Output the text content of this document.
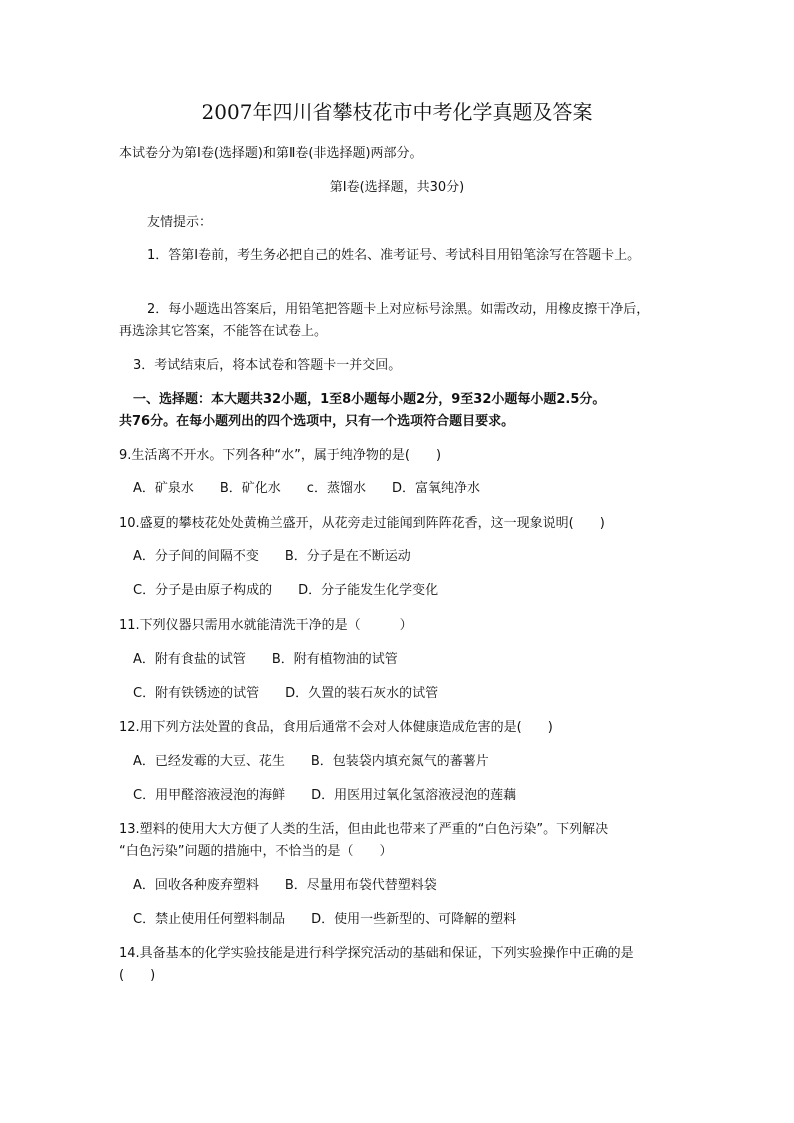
2007年四川省攀枝花市中考化学真题及答案
本试卷分为第Ⅰ卷(选择题)和第Ⅱ卷(非选择题)两部分。
第Ⅰ卷(选择题，共30分)
友情提示：
1．答第Ⅰ卷前，考生务必把自己的姓名、准考证号、考试科目用铅笔涂写在答题卡上。
2．每小题选出答案后，用铅笔把答题卡上对应标号涂黑。如需改动，用橡皮擦干净后，
再选涂其它答案，不能答在试卷上。
3．考试结束后，将本试卷和答题卡一并交回。
一、选择题：本大题共32小题，1至8小题每小题2分，9至32小题每小题2.5分。
共76分。在每小题列出的四个选项中，只有一个选项符合题目要求。
9.生活离不开水。下列各种“水”，属于纯净物的是(　　)
A．矿泉水　　B．矿化水　　c．蒸馏水　　D．富氧纯净水
10.盛夏的攀枝花处处黄桷兰盛开，从花旁走过能闻到阵阵花香，这一现象说明(　　)
A．分子间的间隔不变　　B．分子是在不断运动
C．分子是由原子构成的　　D．分子能发生化学变化
11.下列仪器只需用水就能清洗干净的是（　　　）
A．附有食盐的试管　　B．附有植物油的试管
C．附有铁锈迹的试管　　D．久置的装石灰水的试管
12.用下列方法处置的食品，食用后通常不会对人体健康造成危害的是(　　)
A．已经发霉的大豆、花生　　B．包装袋内填充氮气的蕃薯片
C．用甲醛溶液浸泡的海鲜　　D．用医用过氧化氢溶液浸泡的莲藕
13.塑料的使用大大方便了人类的生活，但由此也带来了严重的“白色污染”。下列解决
“白色污染”问题的措施中，不恰当的是（　　）
A．回收各种废弃塑料　　B．尽量用布袋代替塑料袋
C．禁止使用任何塑料制品　　D．使用一些新型的、可降解的塑料
14.具备基本的化学实验技能是进行科学探究活动的基础和保证，下列实验操作中正确的是
(　　)
